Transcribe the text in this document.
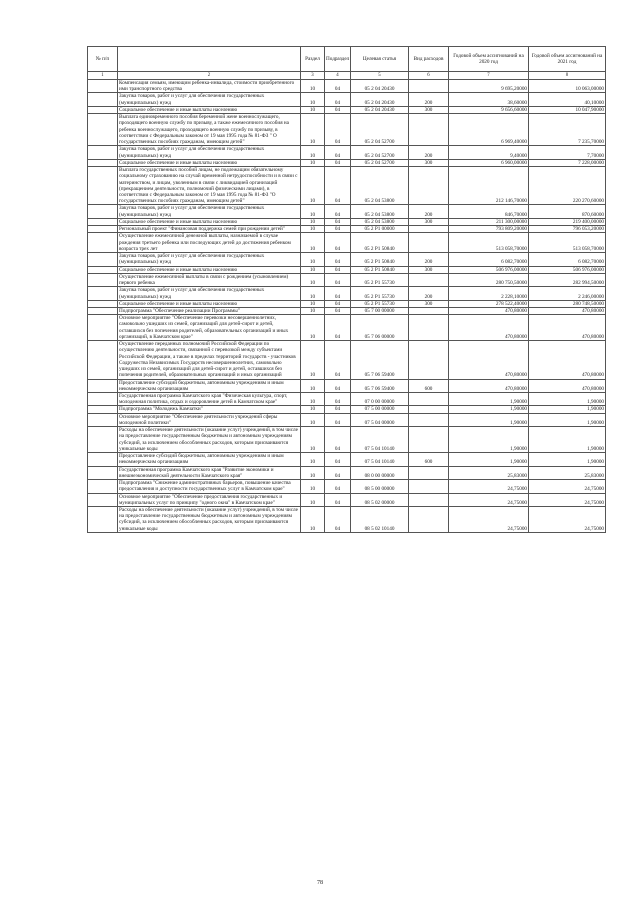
№ п/п		Раздел	Подраздел	Целевая статья	Вид расходов	Годовой объем ассигнований на 2020 год	Годовой объем ассигнований на 2021 год
1	2	3	4	5	6	7	8
	Компенсация семьям, имеющим ребенка-инвалида, стоимости приобретенного ими транспортного средства	10	04	05 2 04 20430		9 695,20000	10 063,00000
	Закупка товаров, работ и услуг для обеспечения государственных (муниципальных) нужд	10	04	05 2 04 20430	200	38,60000	40,10000
	Социальное обеспечение и иные выплаты населению	10	04	05 2 04 20430	300	9 656,60000	10 047,90000
	Выплата единовременного пособия беременной жене военнослужащего, проходящего военную службу по призыву, а также ежемесячного пособия на ребенка военнослужащего, проходящего военную службу по призыву, в соответствии с Федеральным законом от 19 мая 1995 года № 81-ФЗ " О государственных пособиях гражданам, имеющим детей"	10	04	05 2 04 52700		6 969,40000	7 235,70000
	Закупка товаров, работ и услуг для обеспечения государственных (муниципальных) нужд	10	04	05 2 04 52700	200	9,40000	7,70000
	Социальное обеспечение и иные выплаты населению	10	04	05 2 04 52700	300	6 960,00000	7 228,00000
	Выплата государственных пособий лицам, не подлежащим обязательному социальному страхованию на случай временной нетрудоспособности и в связи с материнством, и лицам, уволенным в связи с ликвидацией организаций (прекращением деятельности, полномочий физическими лицами), в соответствии с Федеральным законом от 19 мая 1995 года № 81-ФЗ "О государственных пособиях гражданам, имеющим детей"	10	04	05 2 04 53800		212 146,70000	220 270,60000
	Закупка товаров, работ и услуг для обеспечения государственных (муниципальных) нужд	10	04	05 2 04 53800	200	846,70000	870,60000
	Социальное обеспечение и иные выплаты населению	10	04	05 2 04 53800	300	211 300,00000	219 400,00000
	Региональный проект "Финансовая поддержка семей при рождении детей"	10	04	05 2 P1 00000		793 809,20000	796 053,20000
	Осуществление ежемесячной денежной выплаты, назначаемой в случае рождения третьего ребенка или последующих детей до достижения ребенком возраста трех лет	10	04	05 2 P1 50840		513 058,70000	513 058,70000
	Закупка товаров, работ и услуг для обеспечения государственных (муниципальных) нужд	10	04	05 2 P1 50840	200	6 082,70000	6 082,70000
	Социальное обеспечение и иные выплаты населению	10	04	05 2 P1 50840	300	506 976,00000	506 976,00000
	Осуществление ежемесячной выплаты в связи с рождением (усыновлением) первого ребенка	10	04	05 2 P1 55730		280 750,50000	282 994,50000
	Закупка товаров, работ и услуг для обеспечения государственных (муниципальных) нужд	10	04	05 2 P1 55730	200	2 228,10000	2 246,00000
	Социальное обеспечение и иные выплаты населению	10	04	05 2 P1 55730	300	278 522,40000	280 748,50000
	Подпрограмма "Обеспечение реализации Программы"	10	04	05 7 00 00000		470,80000	470,80000
	Основное мероприятие "Обеспечение перевозки несовершеннолетних, самовольно ушедших из семей, организаций для детей-сирот и детей, оставшихся без попечения родителей, образовательных организаций и иных организаций, в Камчатском крае"	10	04	05 7 06 00000		470,80000	470,80000
	Осуществление переданных полномочий Российской Федерации по осуществлению деятельности, связанной с перевозкой между субъектами Российской Федерации, а также в пределах территорий государств - участников Содружества Независимых Государств несовершеннолетних, самовольно ушедших из семей, организаций для детей-сирот и детей, оставшихся без попечения родителей, образовательных организаций и иных организаций	10	04	05 7 06 59400		470,80000	470,80000
	Предоставление субсидий бюджетным, автономным учреждениям и иным некоммерческим организациям	10	04	05 7 06 59400	600	470,80000	470,80000
	Государственная программа Камчатского края "Физическая культура, спорт, молодежная политика, отдых и оздоровление детей в Камчатском крае"	10	04	07 0 00 00000		1,90000	1,90000
	Подпрограмма "Молодежь Камчатки"	10	04	07 5 00 00000		1,90000	1,90000
	Основное мероприятие "Обеспечение деятельности учреждений сферы молодежной политики"	10	04	07 5 04 00000		1,90000	1,90000
	Расходы на обеспечение деятельности (оказание услуг) учреждений, в том числе на предоставление государственным бюджетным и автономным учреждениям субсидий, за исключением обособленных расходов, которым присваиваются уникальные коды	10	04	07 5 04 10140		1,90000	1,90000
	Предоставление субсидий бюджетным, автономным учреждениям и иным некоммерческим организациям	10	04	07 5 04 10140	600	1,90000	1,90000
	Государственная программа Камчатского края "Развитие экономики и внешнеэкономической деятельности Камчатского края"	10	04	08 0 00 00000		25,83000	25,83000
	Подпрограмма "Снижение административных барьеров, повышение качества предоставления и доступности государственных услуг в Камчатском крае"	10	04	08 5 00 00000		24,75000	24,75000
	Основное мероприятие "Обеспечение предоставления государственных и муниципальных услуг по принципу "одного окна" в Камчатском крае"	10	04	08 5 02 00000		24,75000	24,75000
	Расходы на обеспечение деятельности (оказание услуг) учреждений, в том числе на предоставление государственным бюджетным и автономным учреждениям субсидий, за исключением обособленных расходов, которым присваиваются уникальные коды	10	04	08 5 02 10140		24,75000	24,75000
78
